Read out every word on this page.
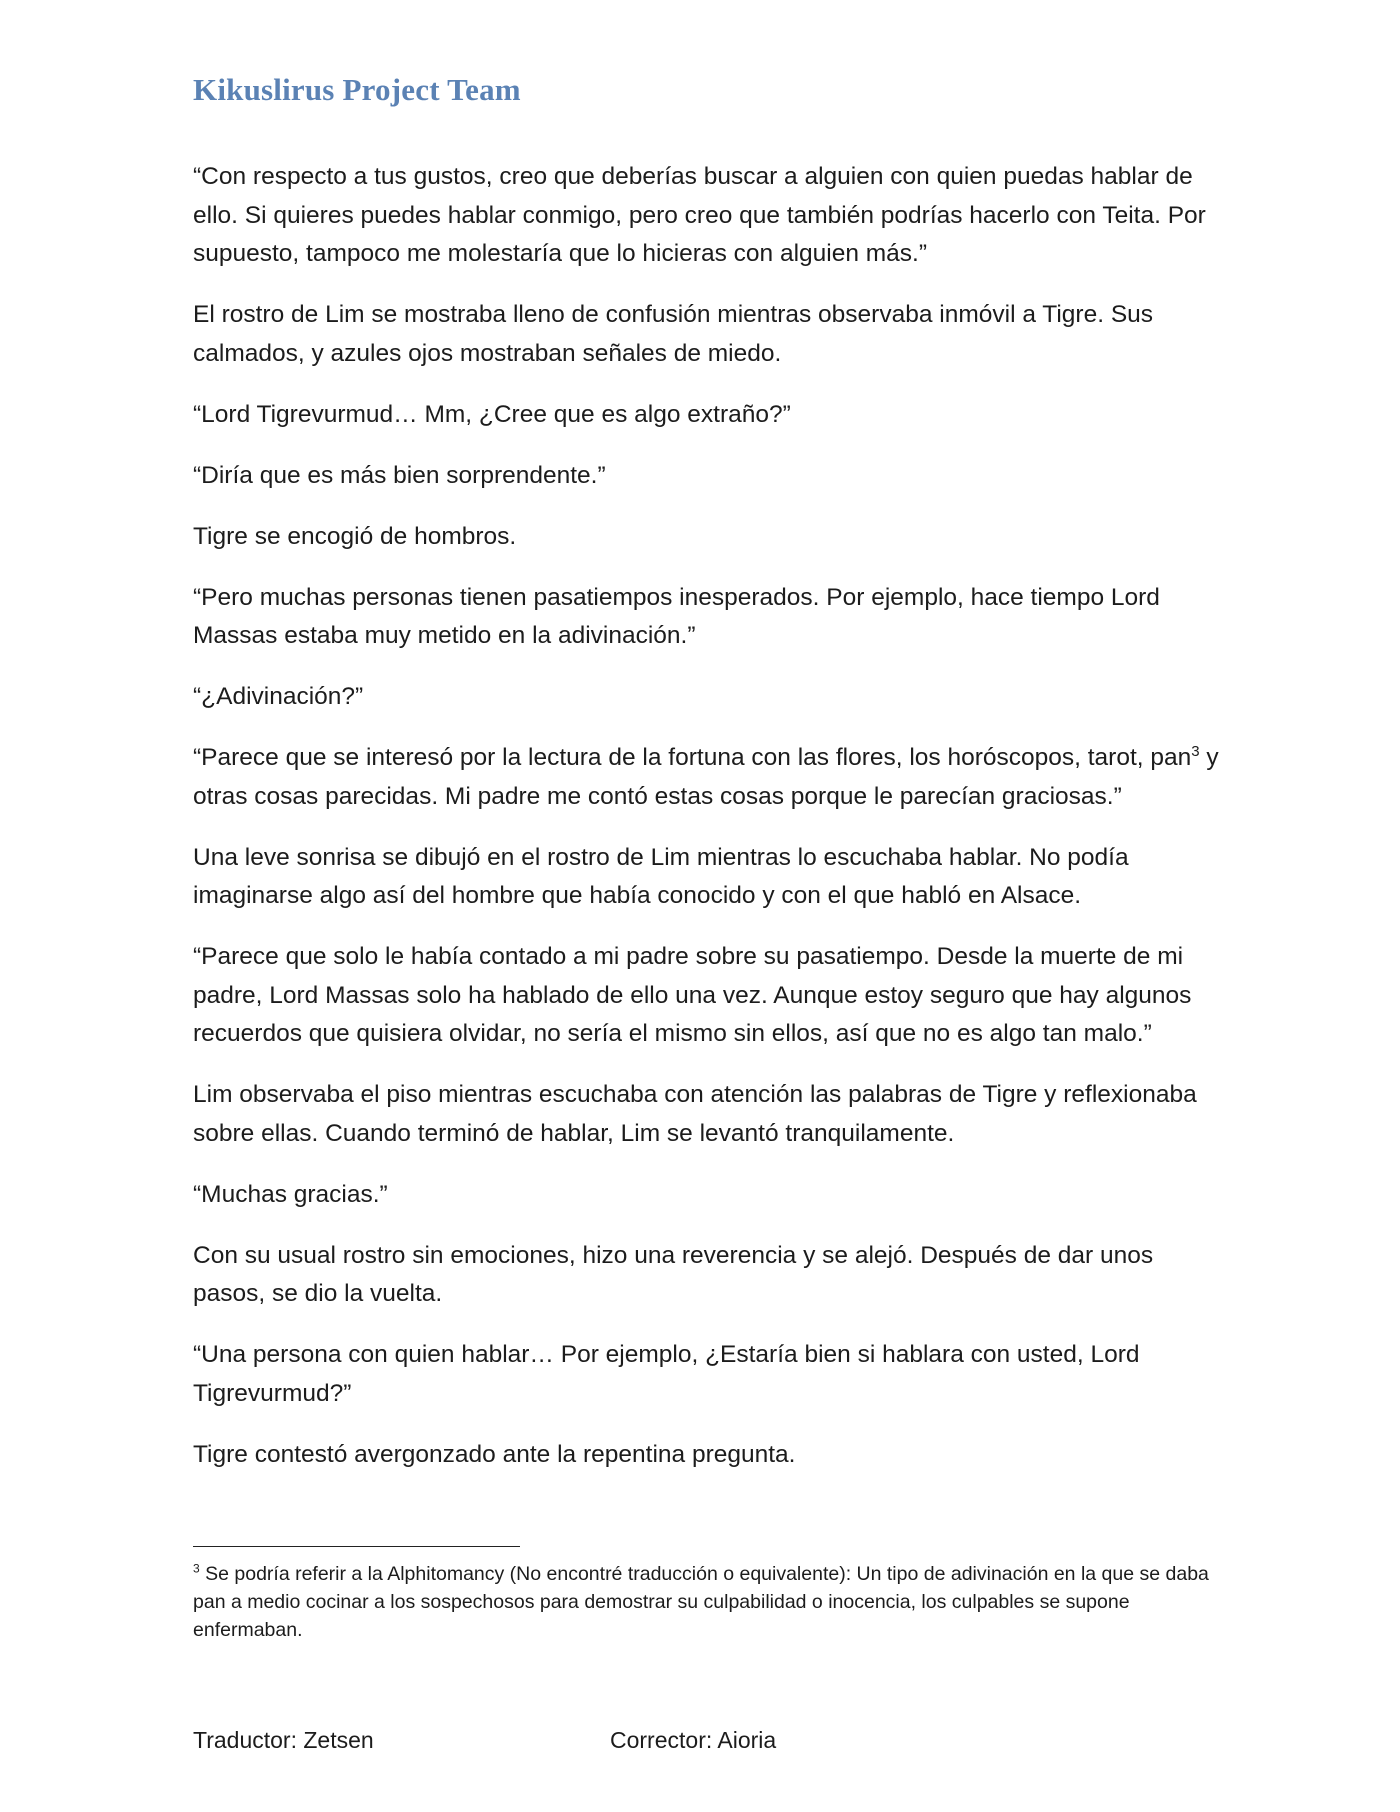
Kikuslirus Project Team

“Con respecto a tus gustos, creo que deberías buscar a alguien con quien puedas hablar de ello. Si quieres puedes hablar conmigo, pero creo que también podrías hacerlo con Teita. Por supuesto, tampoco me molestaría que lo hicieras con alguien más.”

El rostro de Lim se mostraba lleno de confusión mientras observaba inmóvil a Tigre. Sus calmados, y azules ojos mostraban señales de miedo.

“Lord Tigrevurmud… Mm, ¿Cree que es algo extraño?”

“Diría que es más bien sorprendente.”

Tigre se encogió de hombros.

“Pero muchas personas tienen pasatiempos inesperados. Por ejemplo, hace tiempo Lord Massas estaba muy metido en la adivinación.”

“¿Adivinación?”

“Parece que se interesó por la lectura de la fortuna con las flores, los horóscopos, tarot, pan$^3$ y otras cosas parecidas. Mi padre me contó estas cosas porque le parecían graciosas.”

Una leve sonrisa se dibujó en el rostro de Lim mientras lo escuchaba hablar. No podía imaginarse algo así del hombre que había conocido y con el que habló en Alsace.

“Parece que solo le había contado a mi padre sobre su pasatiempo. Desde la muerte de mi padre, Lord Massas solo ha hablado de ello una vez. Aunque estoy seguro que hay algunos recuerdos que quisiera olvidar, no sería el mismo sin ellos, así que no es algo tan malo.”

Lim observaba el piso mientras escuchaba con atención las palabras de Tigre y reflexionaba sobre ellas. Cuando terminó de hablar, Lim se levantó tranquilamente.

“Muchas gracias.”

Con su usual rostro sin emociones, hizo una reverencia y se alejó. Después de dar unos pasos, se dio la vuelta.

“Una persona con quien hablar… Por ejemplo, ¿Estaría bien si hablara con usted, Lord Tigrevurmud?”

Tigre contestó avergonzado ante la repentina pregunta.

$^3$ Se podría referir a la Alphitomancy (No encontré traducción o equivalente): Un tipo de adivinación en la que se daba pan a medio cocinar a los sospechosos para demostrar su culpabilidad o inocencia, los culpables se supone enfermaban.

Traductor: Zetsen	Corrector: Aioria
